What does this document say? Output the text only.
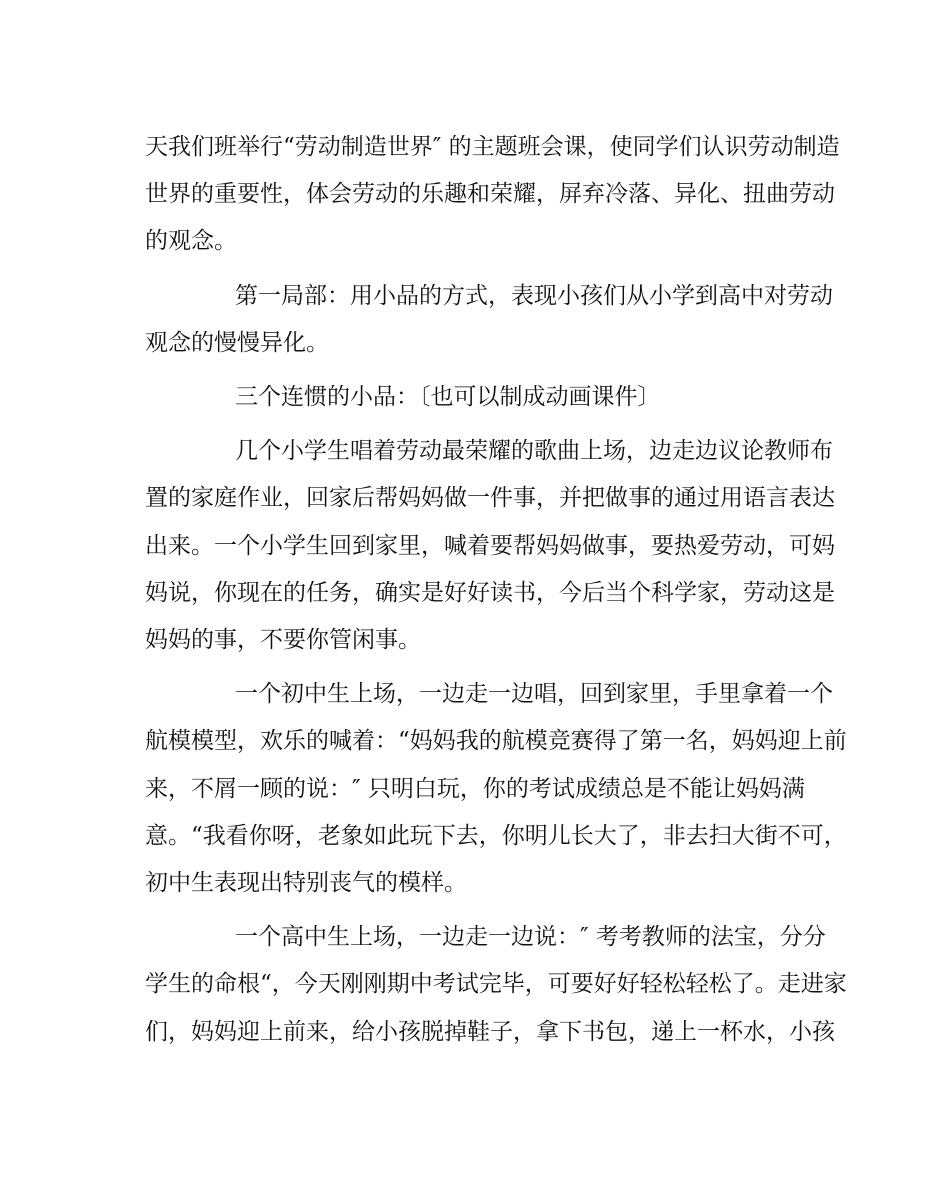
天我们班举行“劳动制造世界″ 的主题班会课，使同学们认识劳动制造
世界的重要性，体会劳动的乐趣和荣耀，屏弃冷落、异化、扭曲劳动
的观念。

第一局部：用小品的方式，表现小孩们从小学到高中对劳动
观念的慢慢异化。

三个连惯的小品：〔也可以制成动画课件〕

几个小学生唱着劳动最荣耀的歌曲上场，边走边议论教师布
置的家庭作业，回家后帮妈妈做一件事，并把做事的通过用语言表达
出来。一个小学生回到家里，喊着要帮妈妈做事，要热爱劳动，可妈
妈说，你现在的任务，确实是好好读书，今后当个科学家，劳动这是
妈妈的事，不要你管闲事。

一个初中生上场，一边走一边唱，回到家里，手里拿着一个
航模模型，欢乐的喊着：“妈妈我的航模竞赛得了第一名，妈妈迎上前
来，不屑一顾的说：″ 只明白玩，你的考试成绩总是不能让妈妈满
意。“我看你呀，老象如此玩下去，你明儿长大了，非去扫大街不可，
初中生表现出特别丧气的模样。

一个高中生上场，一边走一边说：″ 考考教师的法宝，分分
学生的命根“，今天刚刚期中考试完毕，可要好好轻松轻松了。走进家
们，妈妈迎上前来，给小孩脱掉鞋子，拿下书包，递上一杯水，小孩
